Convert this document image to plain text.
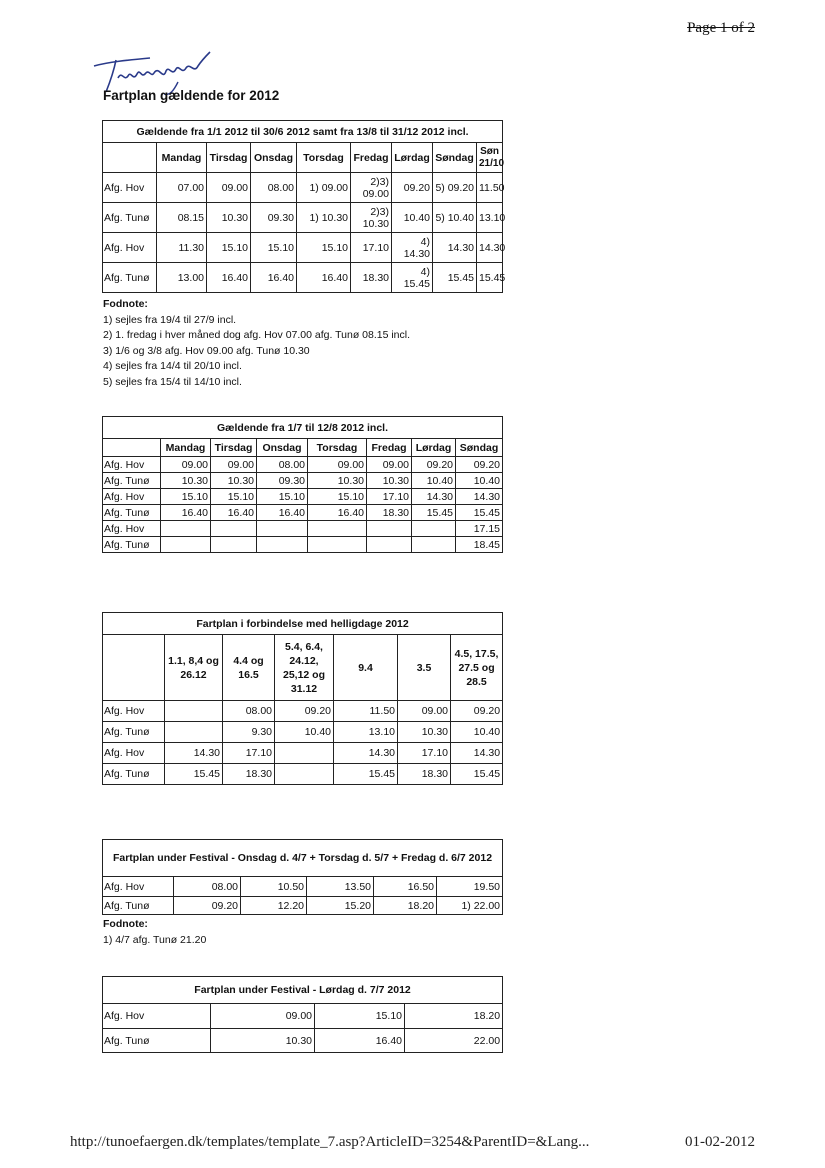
Page 1 of 2
Fartplan gældende for 2012
Gældende fra 1/1 2012 til 30/6 2012 samt fra 13/8 til 31/12 2012 incl.								
	Mandag	Tirsdag	Onsdag	Torsdag	Fredag	Lørdag	Søndag	Søn 21/10
Afg. Hov	07.00	09.00	08.00	1) 09.00	2)3) 09.00	09.20	5) 09.20	11.50
Afg. Tunø	08.15	10.30	09.30	1) 10.30	2)3) 10.30	10.40	5) 10.40	13.10
Afg. Hov	11.30	15.10	15.10	15.10	17.10	4) 14.30	14.30	14.30
Afg. Tunø	13.00	16.40	16.40	16.40	18.30	4) 15.45	15.45	15.45
Fodnote:
1) sejles fra 19/4 til 27/9 incl.
2) 1. fredag i hver måned dog afg. Hov 07.00 afg. Tunø 08.15 incl.
3) 1/6 og 3/8 afg. Hov 09.00 afg. Tunø 10.30
4) sejles fra 14/4 til 20/10 incl.
5) sejles fra 15/4 til 14/10 incl.
Gældende fra 1/7 til 12/8 2012 incl.							
	Mandag	Tirsdag	Onsdag	Torsdag	Fredag	Lørdag	Søndag
Afg. Hov	09.00	09.00	08.00	09.00	09.00	09.20	09.20
Afg. Tunø	10.30	10.30	09.30	10.30	10.30	10.40	10.40
Afg. Hov	15.10	15.10	15.10	15.10	17.10	14.30	14.30
Afg. Tunø	16.40	16.40	16.40	16.40	18.30	15.45	15.45
Afg. Hov							17.15
Afg. Tunø							18.45
Fartplan i forbindelse med helligdage 2012						
	1.1, 8,4 og 26.12	4.4 og 16.5	5.4, 6.4, 24.12, 25,12 og 31.12	9.4	3.5	4.5, 17.5, 27.5 og 28.5
Afg. Hov		08.00	09.20	11.50	09.00	09.20
Afg. Tunø		9.30	10.40	13.10	10.30	10.40
Afg. Hov	14.30	17.10		14.30	17.10	14.30
Afg. Tunø	15.45	18.30		15.45	18.30	15.45
Fartplan under Festival - Onsdag d. 4/7 + Torsdag d. 5/7 + Fredag d. 6/7 2012					
Afg. Hov	08.00	10.50	13.50	16.50	19.50
Afg. Tunø	09.20	12.20	15.20	18.20	1) 22.00
Fodnote:
1) 4/7 afg. Tunø 21.20
Fartplan under Festival - Lørdag d. 7/7 2012			
Afg. Hov	09.00	15.10	18.20
Afg. Tunø	10.30	16.40	22.00
http://tunoefaergen.dk/templates/template_7.asp?ArticleID=3254&ParentID=&Lang...	01-02-2012
